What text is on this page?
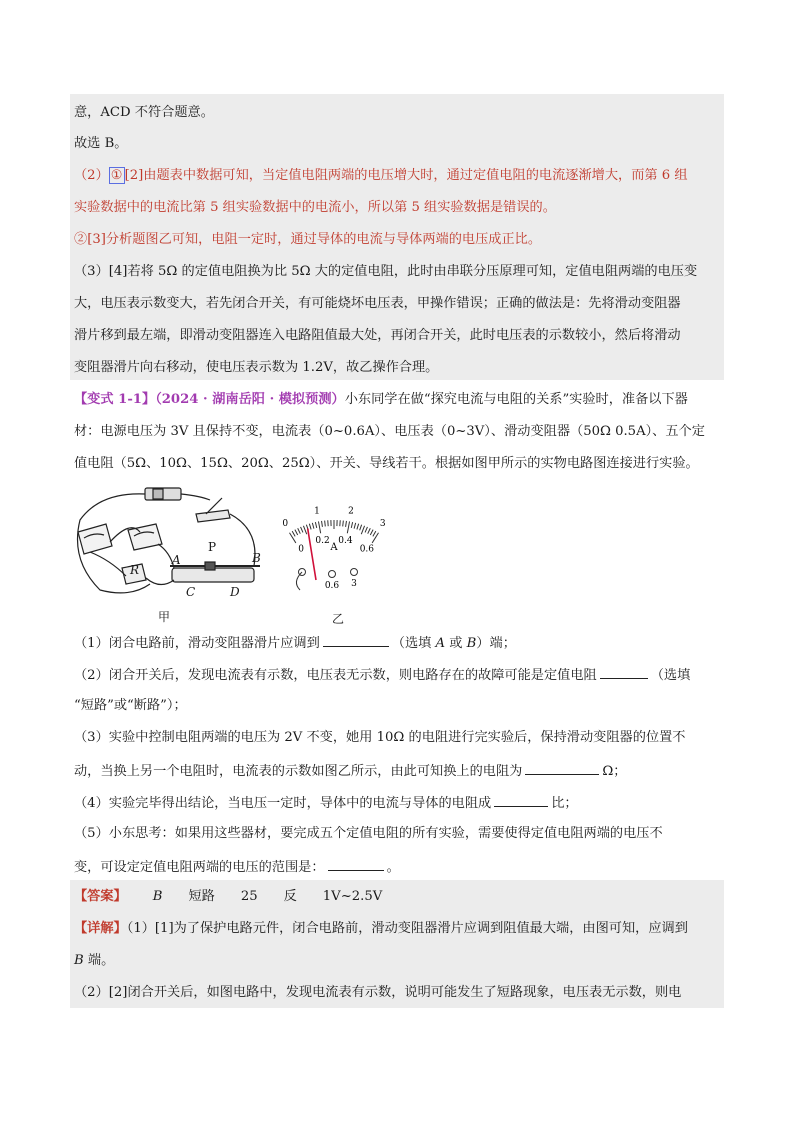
意，ACD 不符合题意。
故选 B。
（2） ① [2]由题表中数据可知，当定值电阻两端的电压增大时，通过定值电阻的电流逐渐增大，而第 6 组
实验数据中的电流比第 5 组实验数据中的电流小，所以第 5 组实验数据是错误的。
②[3]分析题图乙可知，电阻一定时，通过导体的电流与导体两端的电压成正比。
（3）[4]若将 5Ω 的定值电阻换为比 5Ω 大的定值电阻，此时由串联分压原理可知，定值电阻两端的电压变
大，电压表示数变大，若先闭合开关，有可能烧坏电压表，甲操作错误；正确的做法是：先将滑动变阻器
滑片移到最左端，即滑动变阻器连入电路阻值最大处，再闭合开关，此时电压表的示数较小，然后将滑动
变阻器滑片向右移动，使电压表示数为 1.2V，故乙操作合理。
【变式 1-1】（2024 · 湖南岳阳 · 模拟预测）小东同学在做“探究电流与电阻的关系”实验时，准备以下器
材：电源电压为 3V 且保持不变，电流表（0~0.6A）、电压表（0~3V）、滑动变阻器（50Ω 0.5A）、五个定
值电阻（5Ω、10Ω、15Ω、20Ω、25Ω）、开关、导线若干。根据如图甲所示的实物电路图连接进行实验。
A	B
C	D
P
R
甲
0
1	2
3
0
0.2 0.4
0.6
A
0.6 3
乙
（1）闭合电路前，滑动变阻器滑片应调到	（选填 A 或 B）端；
（2）闭合开关后，发现电流表有示数，电压表无示数，则电路存在的故障可能是定值电阻	（选填
“短路”或“断路”）；
（3）实验中控制电阻两端的电压为 2V 不变，她用 10Ω 的电阻进行完实验后，保持滑动变阻器的位置不
动，当换上另一个电阻时，电流表的示数如图乙所示，由此可知换上的电阻为	Ω；
（4）实验完毕得出结论，当电压一定时，导体中的电流与导体的电阻成	比；
（5）小东思考：如果用这些器材，要完成五个定值电阻的所有实验，需要使得定值电阻两端的电压不
变，可设定定值电阻两端的电压的范围是：	。
【答案】 B 短路 25 反 1V~2.5V
【详解】（1）[1]为了保护电路元件，闭合电路前，滑动变阻器滑片应调到阻值最大端，由图可知，应调到
B 端。
（2）[2]闭合开关后，如图电路中，发现电流表有示数，说明可能发生了短路现象，电压表无示数，则电
